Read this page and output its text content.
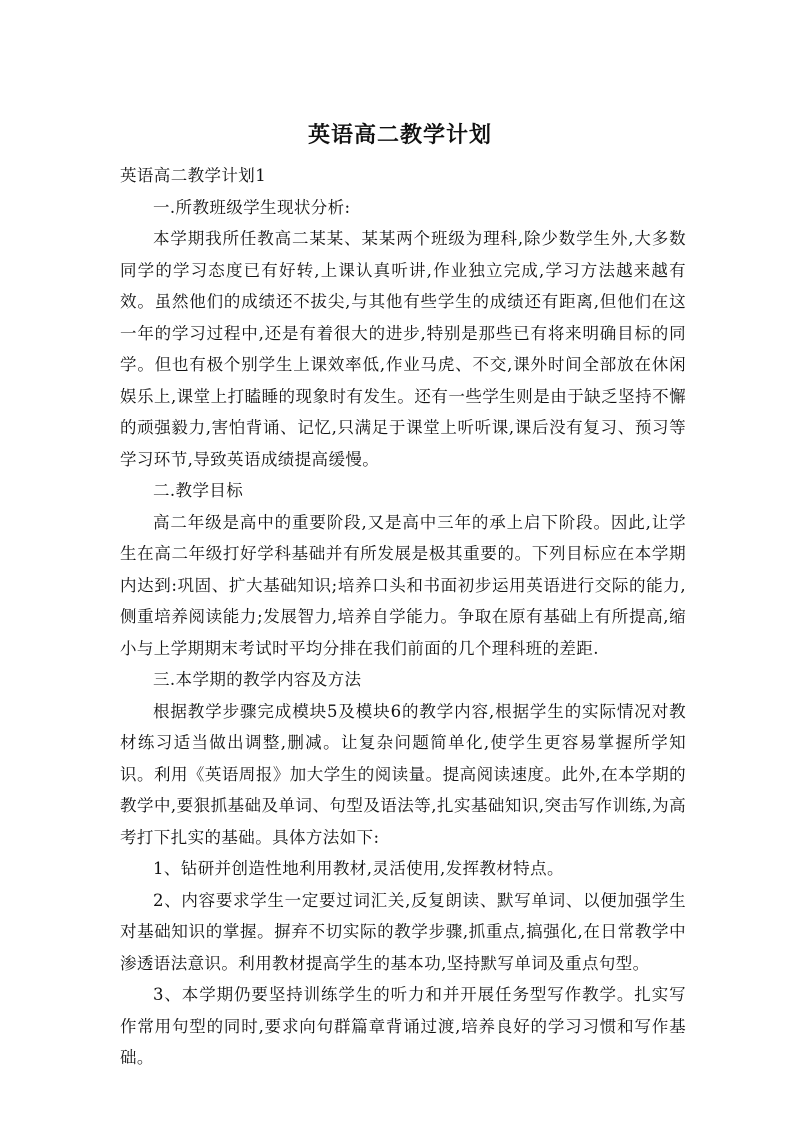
英语高二教学计划

英语高二教学计划1

一.所教班级学生现状分析:

本学期我所任教高二某某、某某两个班级为理科,除少数学生外,大多数同学的学习态度已有好转,上课认真听讲,作业独立完成,学习方法越来越有效。虽然他们的成绩还不拔尖,与其他有些学生的成绩还有距离,但他们在这一年的学习过程中,还是有着很大的进步,特别是那些已有将来明确目标的同学。但也有极个别学生上课效率低,作业马虎、不交,课外时间全部放在休闲娱乐上,课堂上打瞌睡的现象时有发生。还有一些学生则是由于缺乏坚持不懈的顽强毅力,害怕背诵、记忆,只满足于课堂上听听课,课后没有复习、预习等学习环节,导致英语成绩提高缓慢。

二.教学目标

高二年级是高中的重要阶段,又是高中三年的承上启下阶段。因此,让学生在高二年级打好学科基础并有所发展是极其重要的。下列目标应在本学期内达到:巩固、扩大基础知识;培养口头和书面初步运用英语进行交际的能力,侧重培养阅读能力;发展智力,培养自学能力。争取在原有基础上有所提高,缩小与上学期期末考试时平均分排在我们前面的几个理科班的差距.

三.本学期的教学内容及方法

根据教学步骤完成模块5及模块6的教学内容,根据学生的实际情况对教材练习适当做出调整,删减。让复杂问题简单化,使学生更容易掌握所学知识。利用《英语周报》加大学生的阅读量。提高阅读速度。此外,在本学期的教学中,要狠抓基础及单词、句型及语法等,扎实基础知识,突击写作训练,为高考打下扎实的基础。具体方法如下:

1、钻研并创造性地利用教材,灵活使用,发挥教材特点。

2、内容要求学生一定要过词汇关,反复朗读、默写单词、以便加强学生对基础知识的掌握。摒弃不切实际的教学步骤,抓重点,搞强化,在日常教学中渗透语法意识。利用教材提高学生的基本功,坚持默写单词及重点句型。

3、本学期仍要坚持训练学生的听力和并开展任务型写作教学。扎实写作常用句型的同时,要求向句群篇章背诵过渡,培养良好的学习习惯和写作基础。
